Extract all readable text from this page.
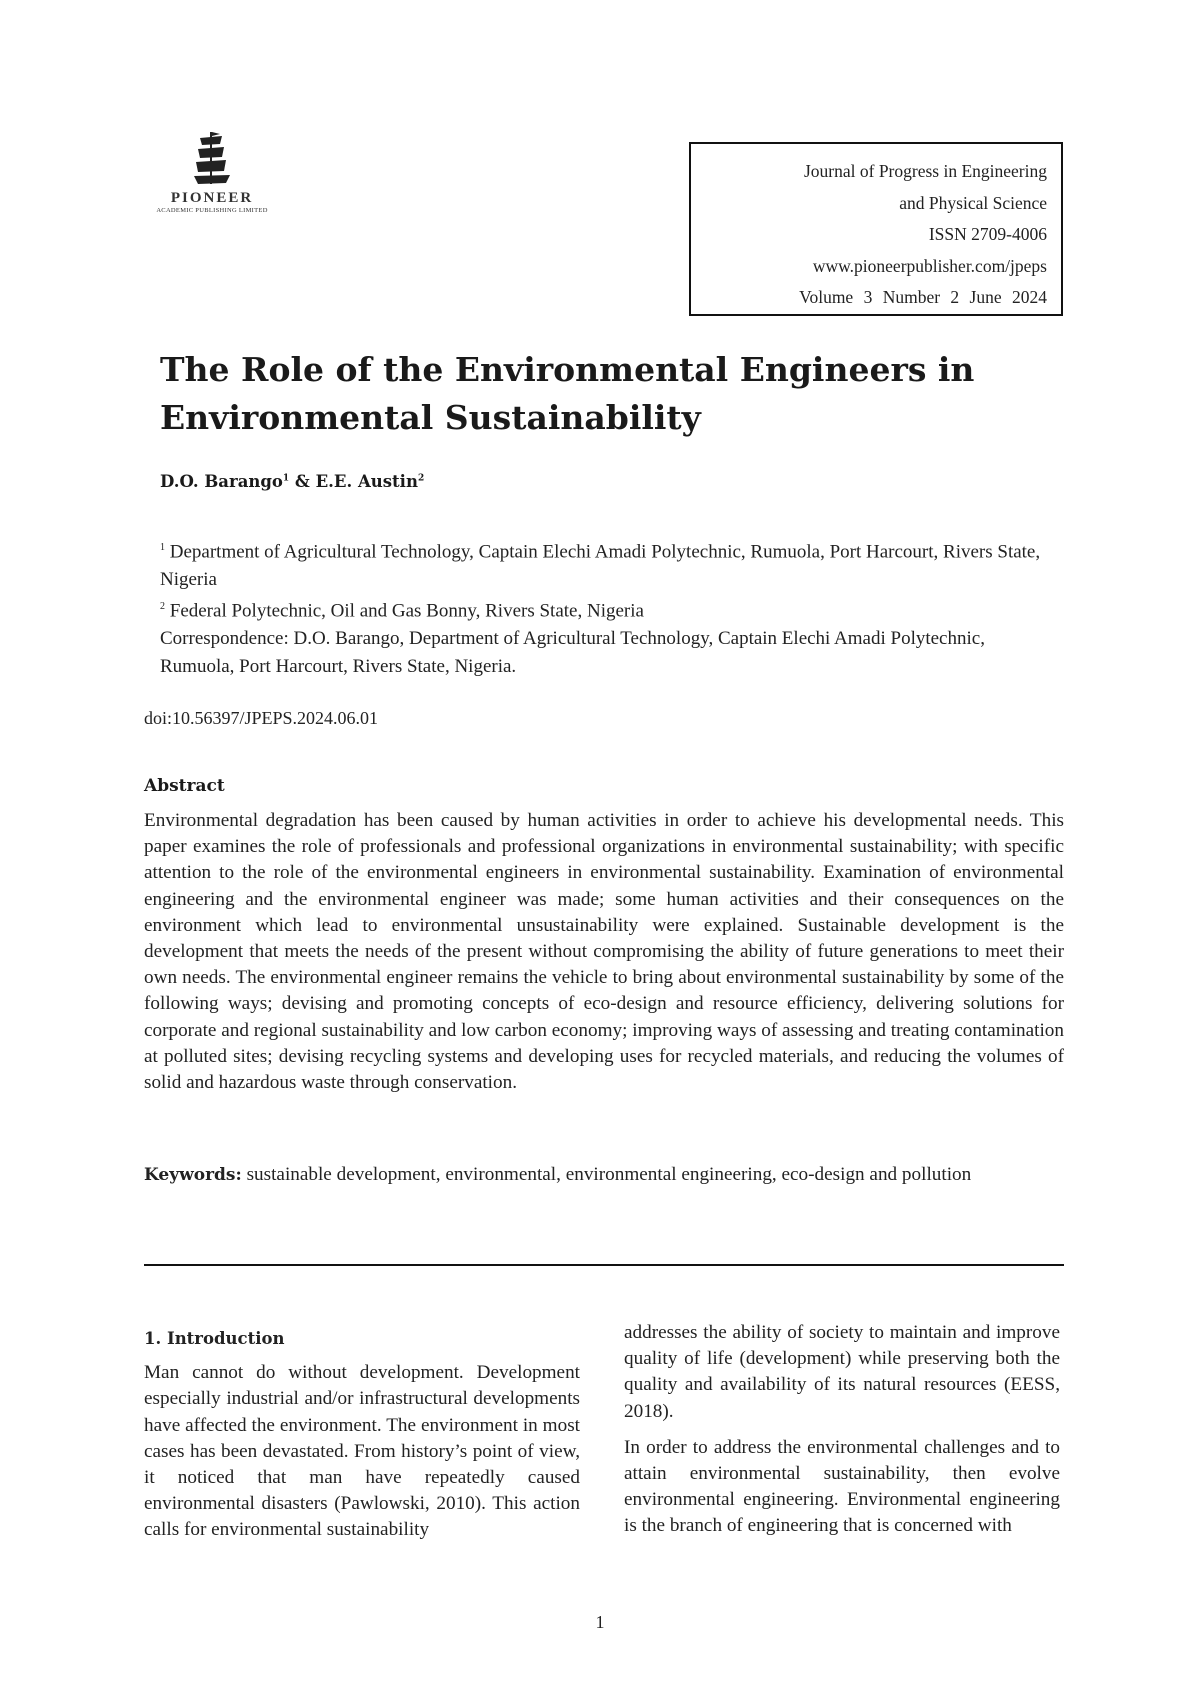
PIONEER
ACADEMIC PUBLISHING LIMITED
Journal of Progress in Engineering
and Physical Science
ISSN 2709-4006
www.pioneerpublisher.com/jpeps
Volume 3 Number 2 June 2024
The Role of the Environmental Engineers in
Environmental Sustainability
D.O. Barango$^1$ & E.E. Austin$^2$
$^1$ Department of Agricultural Technology, Captain Elechi Amadi Polytechnic, Rumuola, Port Harcourt, Rivers State, Nigeria
$^2$ Federal Polytechnic, Oil and Gas Bonny, Rivers State, Nigeria
Correspondence: D.O. Barango, Department of Agricultural Technology, Captain Elechi Amadi Polytechnic, Rumuola, Port Harcourt, Rivers State, Nigeria.
doi:10.56397/JPEPS.2024.06.01
Abstract

Environmental degradation has been caused by human activities in order to achieve his developmental needs. This paper examines the role of professionals and professional organizations in environmental sustainability; with specific attention to the role of the environmental engineers in environmental sustainability. Examination of environmental engineering and the environmental engineer was made; some human activities and their consequences on the environment which lead to environmental unsustainability were explained. Sustainable development is the development that meets the needs of the present without compromising the ability of future generations to meet their own needs. The environmental engineer remains the vehicle to bring about environmental sustainability by some of the following ways; devising and promoting concepts of eco-design and resource efficiency, delivering solutions for corporate and regional sustainability and low carbon economy; improving ways of assessing and treating contamination at polluted sites; devising recycling systems and developing uses for recycled materials, and reducing the volumes of solid and hazardous waste through conservation.

Keywords: sustainable development, environmental, environmental engineering, eco-design and pollution

1. Introduction

Man cannot do without development. Development especially industrial and/or infrastructural developments have affected the environment. The environment in most cases has been devastated. From history’s point of view, it noticed that man have repeatedly caused environmental disasters (Pawlowski, 2010). This action calls for environmental sustainability

addresses the ability of society to maintain and improve quality of life (development) while preserving both the quality and availability of its natural resources (EESS, 2018).

In order to address the environmental challenges and to attain environmental sustainability, then evolve environmental engineering. Environmental engineering is the branch of engineering that is concerned with

1
